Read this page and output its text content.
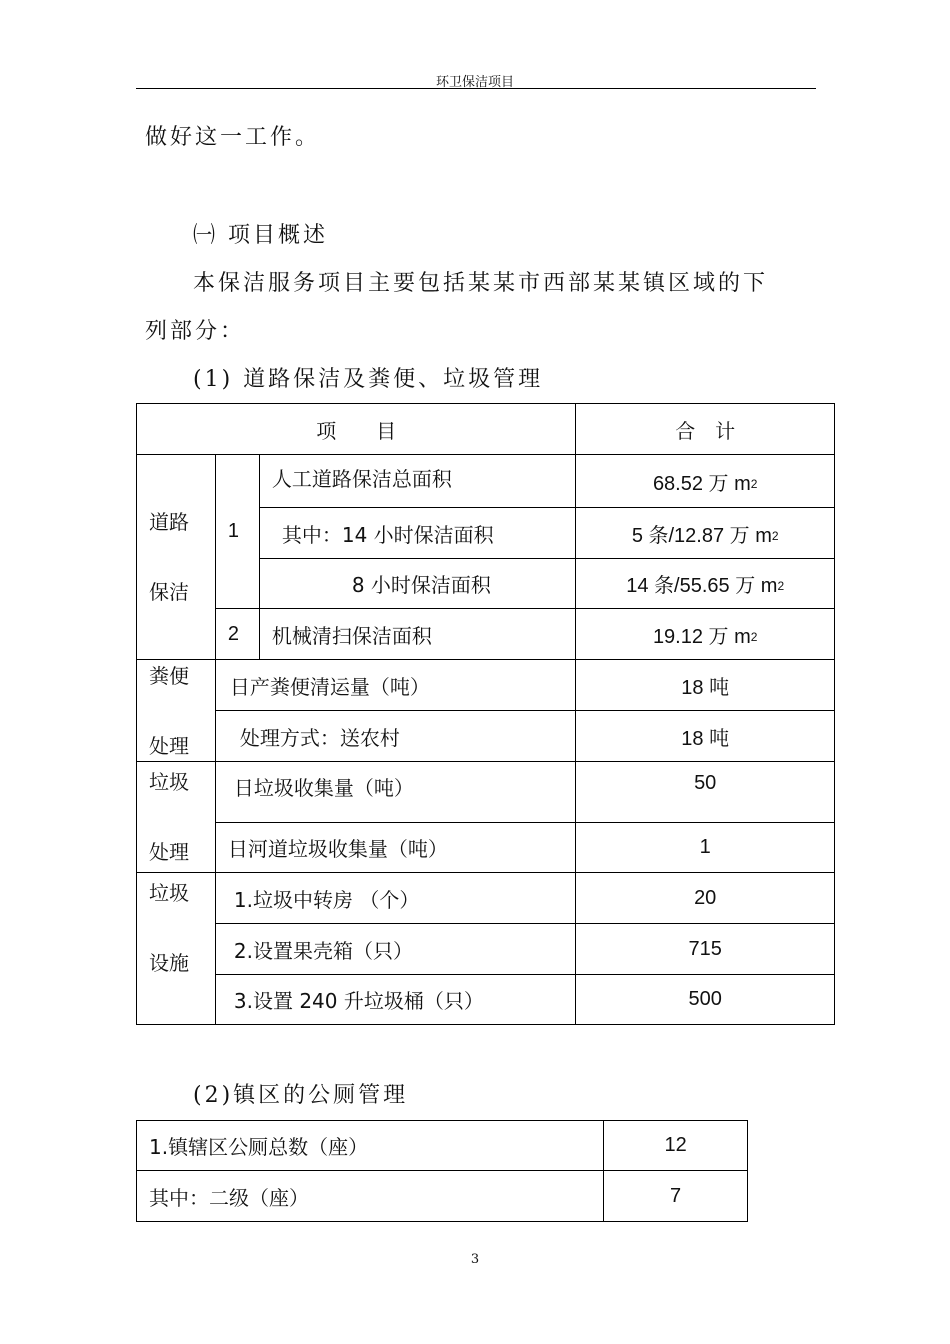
环卫保洁项目
做好这一工作。
㈠ 项目概述
本保洁服务项目主要包括某某市西部某某镇区域的下
列部分：
(1) 道路保洁及粪便、垃圾管理
项　　目			合　计
道路
保洁	1	人工道路保洁总面积	68.52 万 $m^2$
		其中：14 小时保洁面积	5 条/12.87 万 $m^2$
		8 小时保洁面积	14 条/55.65 万 $m^2$
	2	机械清扫保洁面积	19.12 万 $m^2$
粪便
处理	日产粪便清运量（吨）		18 吨
	处理方式：送农村		18 吨
垃圾
处理	日垃圾收集量（吨）		50
	日河道垃圾收集量（吨）		1
垃圾
设施	1.垃圾中转房 （个）		20
	2.设置果壳箱（只）		715
	3.设置 240 升垃圾桶（只）		500
(2)镇区的公厕管理
1.镇辖区公厕总数（座）	12
其中：二级（座）	7
3
